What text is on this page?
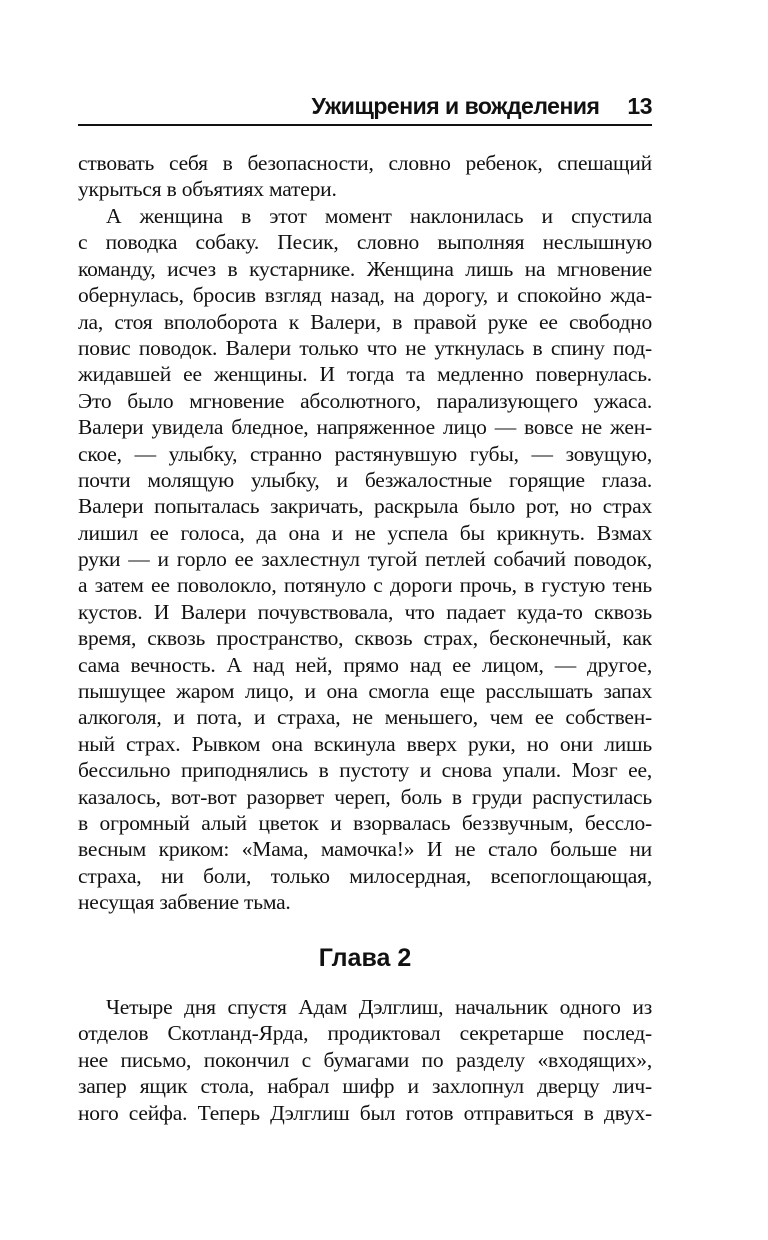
Ужищрения и вожделения 13
ствовать себя в безопасности, словно ребенок, спешащий
укрыться в объятиях матери.
А женщина в этот момент наклонилась и спустила
с поводка собаку. Песик, словно выполняя неслышную
команду, исчез в кустарнике. Женщина лишь на мгновение
обернулась, бросив взгляд назад, на дорогу, и спокойно жда-
ла, стоя вполоборота к Валери, в правой руке ее свободно
повис поводок. Валери только что не уткнулась в спину под-
жидавшей ее женщины. И тогда та медленно повернулась.
Это было мгновение абсолютного, парализующего ужаса.
Валери увидела бледное, напряженное лицо — вовсе не жен-
ское, — улыбку, странно растянувшую губы, — зовущую,
почти молящую улыбку, и безжалостные горящие глаза.
Валери попыталась закричать, раскрыла было рот, но страх
лишил ее голоса, да она и не успела бы крикнуть. Взмах
руки — и горло ее захлестнул тугой петлей собачий поводок,
а затем ее поволокло, потянуло с дороги прочь, в густую тень
кустов. И Валери почувствовала, что падает куда-то сквозь
время, сквозь пространство, сквозь страх, бесконечный, как
сама вечность. А над ней, прямо над ее лицом, — другое,
пышущее жаром лицо, и она смогла еще расслышать запах
алкоголя, и пота, и страха, не меньшего, чем ее собствен-
ный страх. Рывком она вскинула вверх руки, но они лишь
бессильно приподнялись в пустоту и снова упали. Мозг ее,
казалось, вот-вот разорвет череп, боль в груди распустилась
в огромный алый цветок и взорвалась беззвучным, бессло-
весным криком: «Мама, мамочка!» И не стало больше ни
страха, ни боли, только милосердная, всепоглощающая,
несущая забвение тьма.
Глава 2
Четыре дня спустя Адам Дэлглиш, начальник одного из
отделов Скотланд-Ярда, продиктовал секретарше послед-
нее письмо, покончил с бумагами по разделу «входящих»,
запер ящик стола, набрал шифр и захлопнул дверцу лич-
ного сейфа. Теперь Дэлглиш был готов отправиться в двух-
